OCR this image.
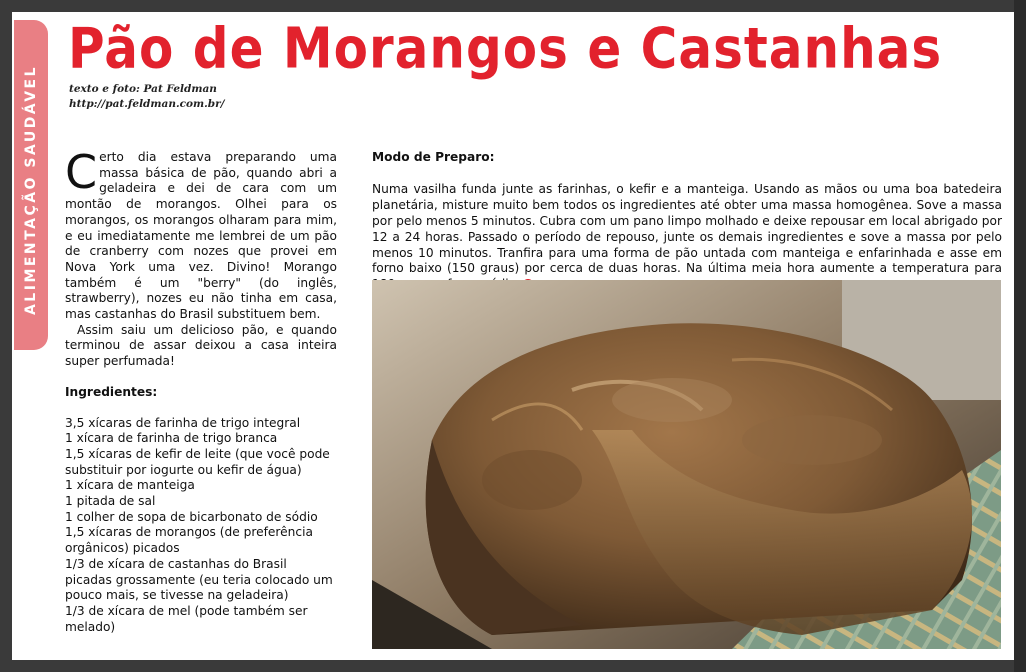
ALIMENTAÇÃO SAUDÁVEL
Pão de Morangos e Castanhas
texto e foto: Pat Feldman
http://pat.feldman.com.br/

Certo dia estava preparando uma massa básica de pão, quando abri a geladeira e dei de cara com um montão de morangos. Olhei para os morangos, os morangos olharam para mim, e eu imediatamente me lembrei de um pão de cranberry com nozes que provei em Nova York uma vez. Divino! Morango também é um "berry" (do inglês, strawberry), nozes eu não tinha em casa, mas castanhas do Brasil substituem bem.

Assim saiu um delicioso pão, e quando terminou de assar deixou a casa inteira super perfumada!

Ingredientes:

3,5 xícaras de farinha de trigo integral
1 xícara de farinha de trigo branca
1,5 xícaras de kefir de leite (que você pode substituir por iogurte ou kefir de água)
1 xícara de manteiga
1 pitada de sal
1 colher de sopa de bicarbonato de sódio
1,5 xícaras de morangos (de preferência orgânicos) picados
1/3 de xícara de castanhas do Brasil picadas grossamente (eu teria colocado um pouco mais, se tivesse na geladeira)
1/3 de xícara de mel (pode também ser melado)

Modo de Preparo:

Numa vasilha funda junte as farinhas, o kefir e a manteiga. Usando as mãos ou uma boa batedeira planetária, misture muito bem todos os ingredientes até obter uma massa homogênea. Sove a massa por pelo menos 5 minutos. Cubra com um pano limpo molhado e deixe repousar em local abrigado por 12 a 24 horas. Passado o período de repouso, junte os demais ingredientes e sove a massa por pelo menos 10 minutos. Tranfira para uma forma de pão untada com manteiga e enfarinhada e asse em forno baixo (150 graus) por cerca de duas horas. Na última meia hora aumente a temperatura para
